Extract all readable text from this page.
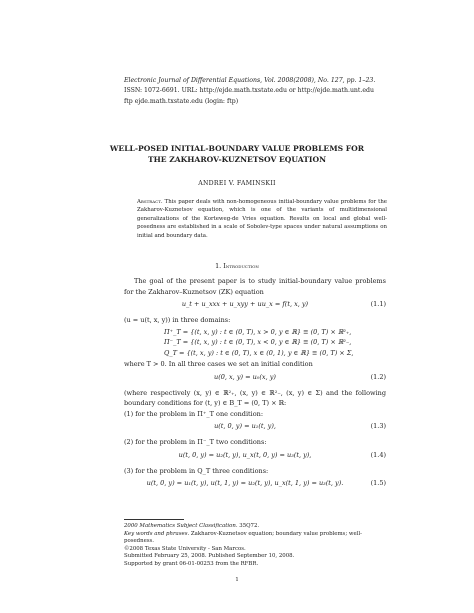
Electronic Journal of Differential Equations, Vol. 2008(2008), No. 127, pp. 1–23.
ISSN: 1072-6691. URL: http://ejde.math.txstate.edu or http://ejde.math.unt.edu
ftp ejde.math.txstate.edu (login: ftp)
WELL-POSED INITIAL-BOUNDARY VALUE PROBLEMS FOR
THE ZAKHAROV-KUZNETSOV EQUATION
ANDREI V. FAMINSKII
Abstract. This paper deals with non-homogeneous initial-boundary value problems for the Zakharov-Kuznetsov equation, which is one of the variants of multidimensional generalizations of the Korteweg-de Vries equation. Results on local and global well-posedness are established in a scale of Sobolev-type spaces under natural assumptions on initial and boundary data.
1. Introduction
The goal of the present paper is to study initial-boundary value problems for the Zakharov–Kuznetsov (ZK) equation
u_t + u_xxx + u_xyy + uu_x = f(t, x, y)	(1.1)
(u = u(t, x, y)) in three domains:
Π⁺_T = {(t, x, y) : t ∈ (0, T), x > 0, y ∈ ℝ} ≡ (0, T) × ℝ²₊,
Π⁻_T = {(t, x, y) : t ∈ (0, T), x < 0, y ∈ ℝ} ≡ (0, T) × ℝ²₋,
Q_T = {(t, x, y) : t ∈ (0, T), x ∈ (0, 1), y ∈ ℝ} ≡ (0, T) × Σ,
where T > 0. In all three cases we set an initial condition
u(0, x, y) = u₀(x, y)	(1.2)
(where respectively (x, y) ∈ ℝ²₊, (x, y) ∈ ℝ²₋, (x, y) ∈ Σ) and the following boundary conditions for (t, y) ∈ B_T = (0, T) × ℝ:
(1) for the problem in Π⁺_T one condition:
u(t, 0, y) = u₁(t, y),	(1.3)
(2) for the problem in Π⁻_T two conditions:
u(t, 0, y) = u₂(t, y), u_x(t, 0, y) = u₃(t, y),	(1.4)
(3) for the problem in Q_T three conditions:
u(t, 0, y) = u₁(t, y), u(t, 1, y) = u₂(t, y), u_x(t, 1, y) = u₃(t, y).	(1.5)
2000 Mathematics Subject Classification. 35Q72.
Key words and phrases. Zakharov-Kuznetsov equation; boundary value problems; well-posedness.
©2008 Texas State University - San Marcos.
Submitted February 25, 2008. Published September 10, 2008.
Supported by grant 06-01-00253 from the RFBR.
1
